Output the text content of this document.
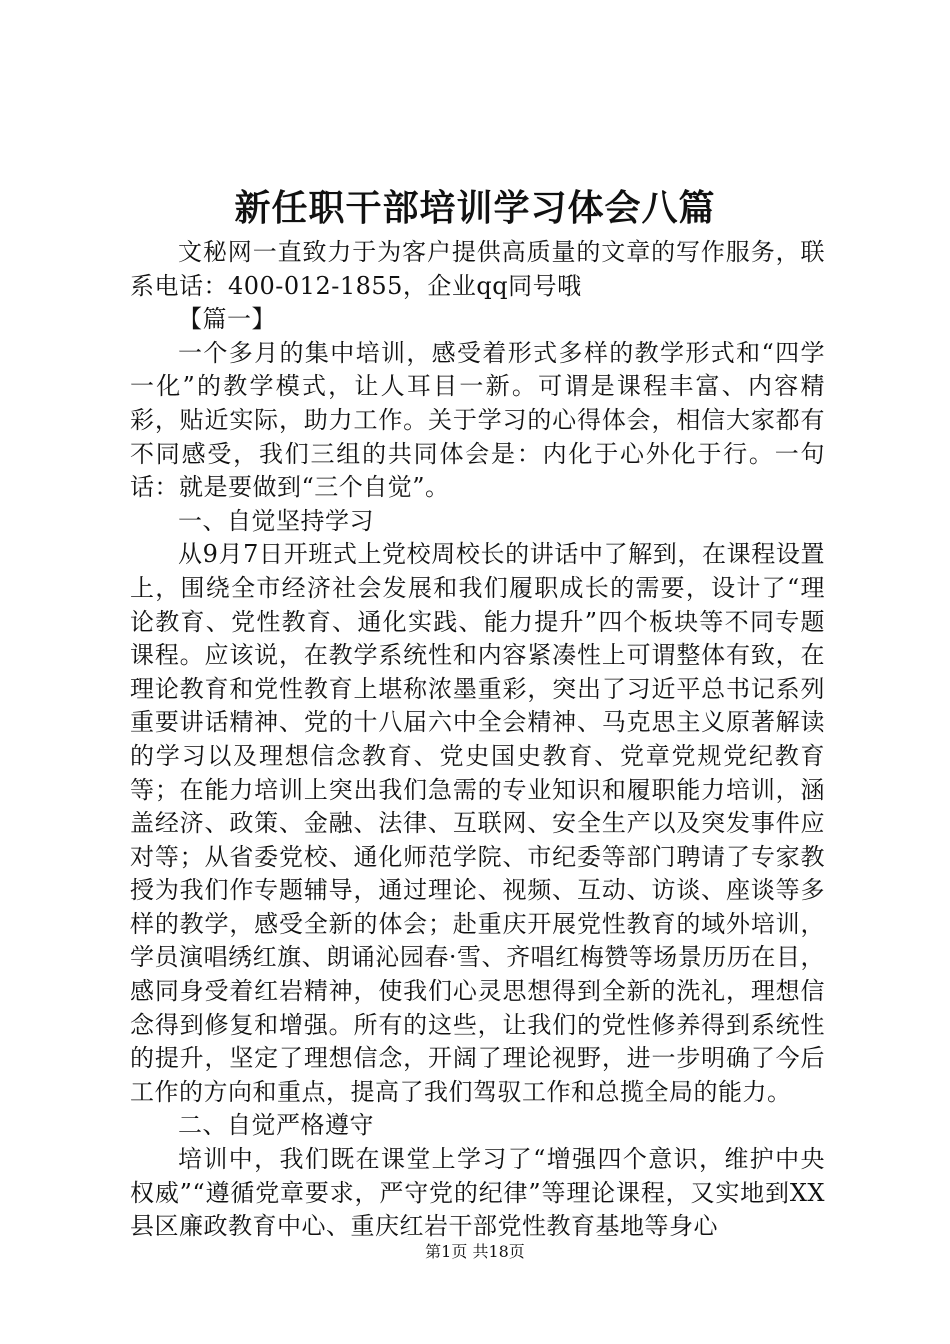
新任职干部培训学习体会八篇

文秘网一直致力于为客户提供高质量的文章的写作服务，联系电话：400-012-1855，企业qq同号哦

【篇一】

一个多月的集中培训，感受着形式多样的教学形式和“四学一化”的教学模式，让人耳目一新。可谓是课程丰富、内容精彩，贴近实际，助力工作。关于学习的心得体会，相信大家都有不同感受，我们三组的共同体会是：内化于心外化于行。一句话：就是要做到“三个自觉”。

一、自觉坚持学习

从9月7日开班式上党校周校长的讲话中了解到，在课程设置上，围绕全市经济社会发展和我们履职成长的需要，设计了“理论教育、党性教育、通化实践、能力提升”四个板块等不同专题课程。应该说，在教学系统性和内容紧凑性上可谓整体有致，在理论教育和党性教育上堪称浓墨重彩，突出了习近平总书记系列重要讲话精神、党的十八届六中全会精神、马克思主义原著解读的学习以及理想信念教育、党史国史教育、党章党规党纪教育等；在能力培训上突出我们急需的专业知识和履职能力培训，涵盖经济、政策、金融、法律、互联网、安全生产以及突发事件应对等；从省委党校、通化师范学院、市纪委等部门聘请了专家教授为我们作专题辅导，通过理论、视频、互动、访谈、座谈等多样的教学，感受全新的体会；赴重庆开展党性教育的域外培训，学员演唱绣红旗、朗诵沁园春·雪、齐唱红梅赞等场景历历在目，感同身受着红岩精神，使我们心灵思想得到全新的洗礼，理想信念得到修复和增强。所有的这些，让我们的党性修养得到系统性的提升，坚定了理想信念，开阔了理论视野，进一步明确了今后工作的方向和重点，提高了我们驾驭工作和总揽全局的能力。

二、自觉严格遵守

培训中，我们既在课堂上学习了“增强四个意识，维护中央权威”“遵循党章要求，严守党的纪律”等理论课程，又实地到XX县区廉政教育中心、重庆红岩干部党性教育基地等身心

第1页 共18页
